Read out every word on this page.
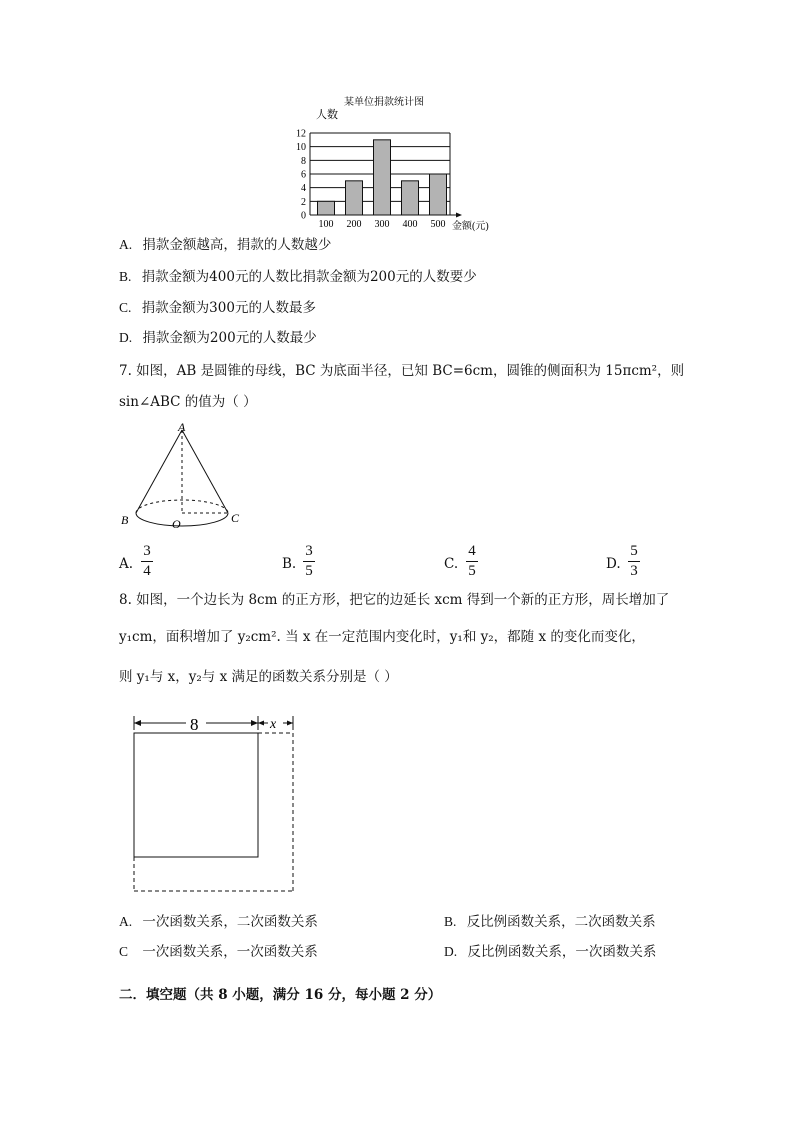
某单位捐款统计图
人数
0
2
4
6
8
10
12
100 200 300 400 500 金额(元)
A. 捐款金额越高，捐款的人数越少
B. 捐款金额为400元的人数比捐款金额为200元的人数要少
C. 捐款金额为300元的人数最多
D. 捐款金额为200元的人数最少
7. 如图，AB 是圆锥的母线，BC 为底面半径，已知 BC=6cm，圆锥的侧面积为 15πcm²，则
sin∠ABC 的值为（ ）
A
B	O	C
A.
3
4	B.
3
5	C.
4
5	D.
5
3
8. 如图，一个边长为 8cm 的正方形，把它的边延长 xcm 得到一个新的正方形，周长增加了
y₁cm，面积增加了 y₂cm². 当 x 在一定范围内变化时，y₁和 y₂，都随 x 的变化而变化，
则 y₁与 x，y₂与 x 满足的函数关系分别是（ ）
8	x
A. 一次函数关系，二次函数关系	B. 反比例函数关系，二次函数关系
C 一次函数关系，一次函数关系	D. 反比例函数关系，一次函数关系
二．填空题（共 8 小题，满分 16 分，每小题 2 分）
